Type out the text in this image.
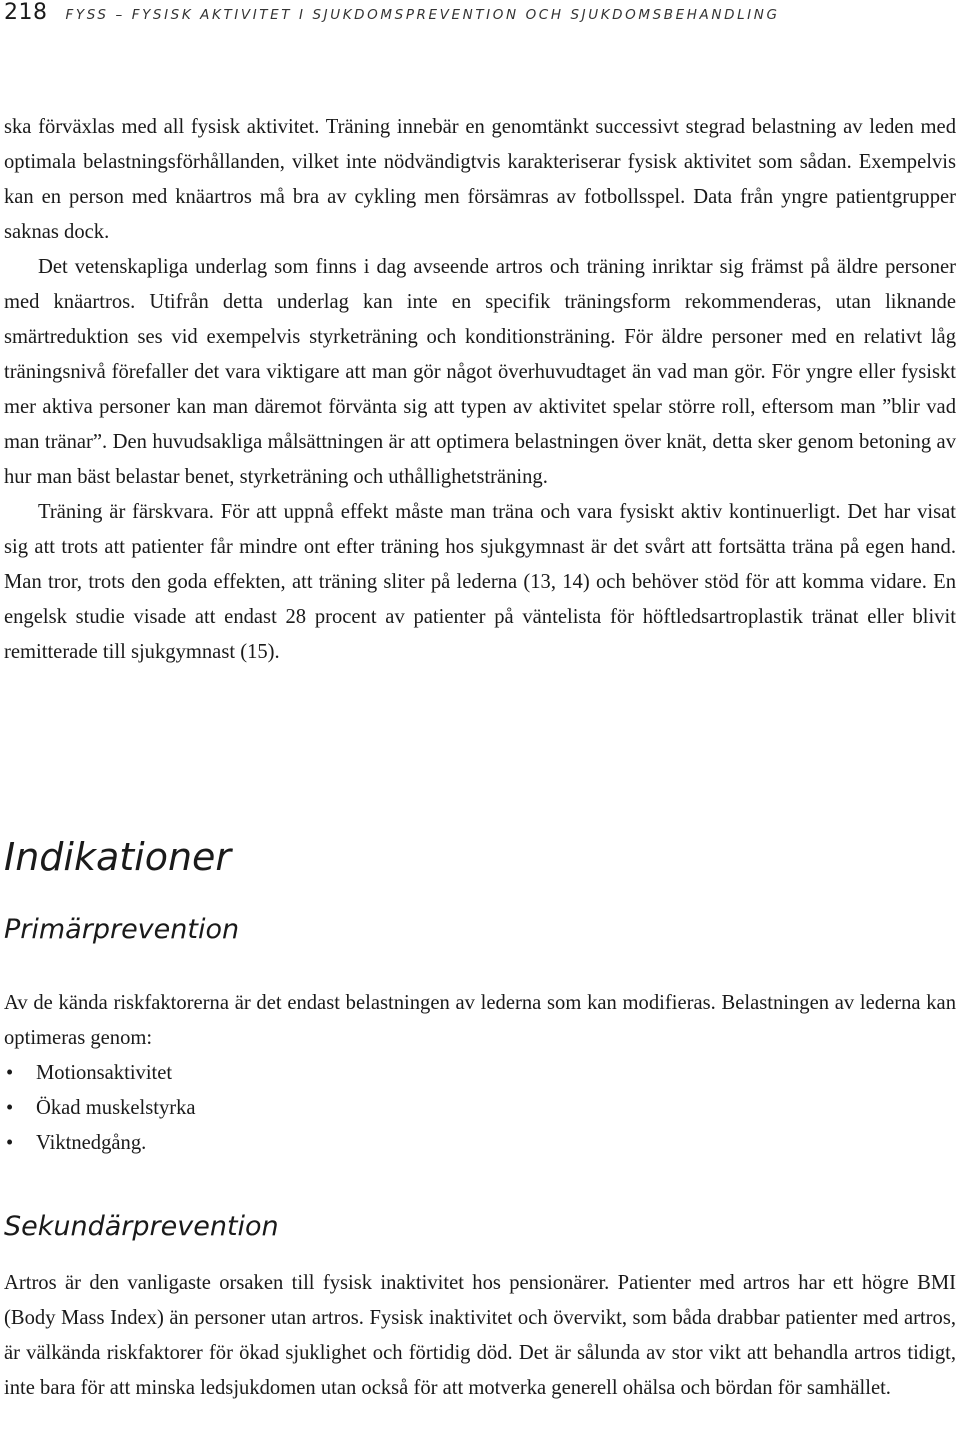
218 FYSS – FYSISK AKTIVITET I SJUKDOMSPREVENTION OCH SJUKDOMSBEHANDLING

ska förväxlas med all fysisk aktivitet. Träning innebär en genomtänkt successivt stegrad belastning av leden med optimala belastningsförhållanden, vilket inte nödvändigtvis karakteriserar fysisk aktivitet som sådan. Exempelvis kan en person med knäartros må bra av cykling men försämras av fotbollsspel. Data från yngre patientgrupper saknas dock.

Det vetenskapliga underlag som finns i dag avseende artros och träning inriktar sig främst på äldre personer med knäartros. Utifrån detta underlag kan inte en specifik träningsform rekommenderas, utan liknande smärtreduktion ses vid exempelvis styrketräning och konditionsträning. För äldre personer med en relativt låg träningsnivå förefaller det vara viktigare att man gör något överhuvudtaget än vad man gör. För yngre eller fysiskt mer aktiva personer kan man däremot förvänta sig att typen av aktivitet spelar större roll, eftersom man ”blir vad man tränar”. Den huvudsakliga målsättningen är att optimera belastningen över knät, detta sker genom betoning av hur man bäst belastar benet, styrketräning och uthållighetsträning.

Träning är färskvara. För att uppnå effekt måste man träna och vara fysiskt aktiv kontinuerligt. Det har visat sig att trots att patienter får mindre ont efter träning hos sjukgymnast är det svårt att fortsätta träna på egen hand. Man tror, trots den goda effekten, att träning sliter på lederna (13, 14) och behöver stöd för att komma vidare. En engelsk studie visade att endast 28 procent av patienter på väntelista för höftledsartroplastik tränat eller blivit remitterade till sjukgymnast (15).

Indikationer
Primärprevention

Av de kända riskfaktorerna är det endast belastningen av lederna som kan modifieras. Belastningen av lederna kan optimeras genom:

• Motionsaktivitet
• Ökad muskelstyrka
• Viktnedgång.
Sekundärprevention

Artros är den vanligaste orsaken till fysisk inaktivitet hos pensionärer. Patienter med artros har ett högre BMI (Body Mass Index) än personer utan artros. Fysisk inaktivitet och övervikt, som båda drabbar patienter med artros, är välkända riskfaktorer för ökad sjuklighet och förtidig död. Det är sålunda av stor vikt att behandla artros tidigt, inte bara för att minska ledsjukdomen utan också för att motverka generell ohälsa och bördan för samhället.
